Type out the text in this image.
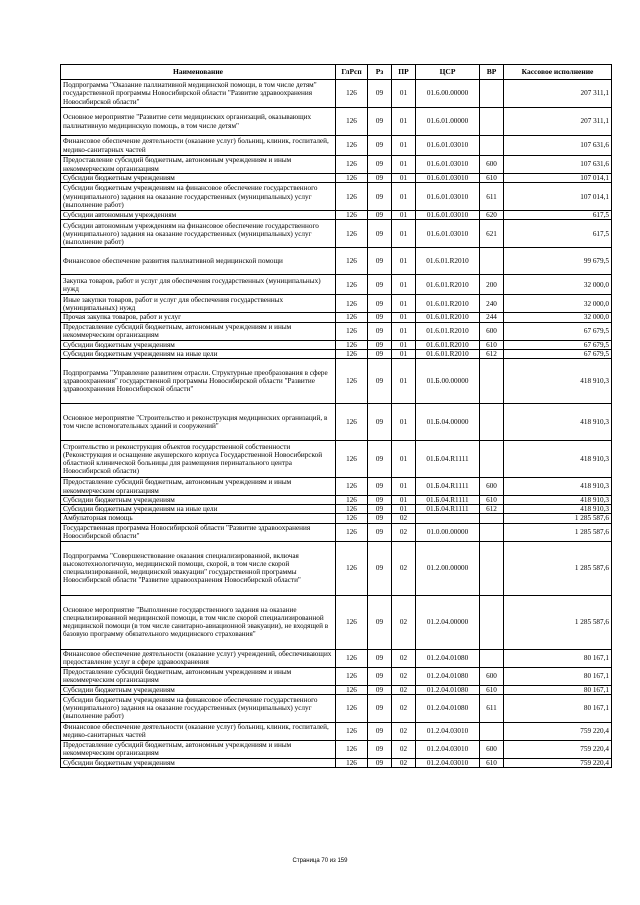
Наименование	ГлРсп	Рз	ПР	ЦСР	ВР	Кассовое исполнение
Подпрограмма "Оказание паллиативной медицинской помощи, в том числе детям" государственной программы Новосибирской области "Развитие здравоохранения Новосибирской области"	126	09	01	01.6.00.00000		207 311,1
Основное мероприятие "Развитие сети медицинских организаций, оказывающих паллиативную медицинскую помощь, в том числе детям"	126	09	01	01.6.01.00000		207 311,1
Финансовое обеспечение деятельности (оказание услуг) больниц, клиник, госпиталей, медико-санитарных частей	126	09	01	01.6.01.03010		107 631,6
Предоставление субсидий бюджетным, автономным учреждениям и иным некоммерческим организациям	126	09	01	01.6.01.03010	600	107 631,6
Субсидии бюджетным учреждениям	126	09	01	01.6.01.03010	610	107 014,1
Субсидии бюджетным учреждениям на финансовое обеспечение государственного (муниципального) задания на оказание государственных (муниципальных) услуг (выполнение работ)	126	09	01	01.6.01.03010	611	107 014,1
Субсидии автономным учреждениям	126	09	01	01.6.01.03010	620	617,5
Субсидии автономным учреждениям на финансовое обеспечение государственного (муниципального) задания на оказание государственных (муниципальных) услуг (выполнение работ)	126	09	01	01.6.01.03010	621	617,5
Финансовое обеспечение развития паллиативной медицинской помощи	126	09	01	01.6.01.R2010		99 679,5
Закупка товаров, работ и услуг для обеспечения государственных (муниципальных) нужд	126	09	01	01.6.01.R2010	200	32 000,0
Иные закупки товаров, работ и услуг для обеспечения государственных (муниципальных) нужд	126	09	01	01.6.01.R2010	240	32 000,0
Прочая закупка товаров, работ и услуг	126	09	01	01.6.01.R2010	244	32 000,0
Предоставление субсидий бюджетным, автономным учреждениям и иным некоммерческим организациям	126	09	01	01.6.01.R2010	600	67 679,5
Субсидии бюджетным учреждениям	126	09	01	01.6.01.R2010	610	67 679,5
Субсидии бюджетным учреждениям на иные цели	126	09	01	01.6.01.R2010	612	67 679,5
Подпрограмма "Управление развитием отрасли. Структурные преобразования в сфере здравоохранения" государственной программы Новосибирской области "Развитие здравоохранения Новосибирской области"	126	09	01	01.Б.00.00000		418 910,3
Основное мероприятие "Строительство и реконструкция медицинских организаций, в том числе вспомогательных зданий и сооружений"	126	09	01	01.Б.04.00000		418 910,3
Строительство и реконструкция объектов государственной собственности (Реконструкция и оснащение акушерского корпуса Государственной Новосибирской областной клинической больницы для размещения перинатального центра Новосибирской области)	126	09	01	01.Б.04.R1111		418 910,3
Предоставление субсидий бюджетным, автономным учреждениям и иным некоммерческим организациям	126	09	01	01.Б.04.R1111	600	418 910,3
Субсидии бюджетным учреждениям	126	09	01	01.Б.04.R1111	610	418 910,3
Субсидии бюджетным учреждениям на иные цели	126	09	01	01.Б.04.R1111	612	418 910,3
Амбулаторная помощь	126	09	02			1 285 587,6
Государственная программа Новосибирской области "Развитие здравоохранения Новосибирской области"	126	09	02	01.0.00.00000		1 285 587,6
Подпрограмма "Совершенствование оказания специализированной, включая высокотехнологичную, медицинской помощи, скорой, в том числе скорой специализированной, медицинской эвакуации" государственной программы Новосибирской области "Развитие здравоохранения Новосибирской области"	126	09	02	01.2.00.00000		1 285 587,6
Основное мероприятие "Выполнение государственного задания на оказание специализированной медицинской помощи, в том числе скорой специализированной медицинской помощи (в том числе санитарно-авиационной эвакуации), не входящей в базовую программу обязательного медицинского страхования"	126	09	02	01.2.04.00000		1 285 587,6
Финансовое обеспечение деятельности (оказание услуг) учреждений, обеспечивающих предоставление услуг в сфере здравоохранения	126	09	02	01.2.04.01080		80 167,1
Предоставление субсидий бюджетным, автономным учреждениям и иным некоммерческим организациям	126	09	02	01.2.04.01080	600	80 167,1
Субсидии бюджетным учреждениям	126	09	02	01.2.04.01080	610	80 167,1
Субсидии бюджетным учреждениям на финансовое обеспечение государственного (муниципального) задания на оказание государственных (муниципальных) услуг (выполнение работ)	126	09	02	01.2.04.01080	611	80 167,1
Финансовое обеспечение деятельности (оказание услуг) больниц, клиник, госпиталей, медико-санитарных частей	126	09	02	01.2.04.03010		759 220,4
Предоставление субсидий бюджетным, автономным учреждениям и иным некоммерческим организациям	126	09	02	01.2.04.03010	600	759 220,4
Субсидии бюджетным учреждениям	126	09	02	01.2.04.03010	610	759 220,4
Страница 70 из 159
